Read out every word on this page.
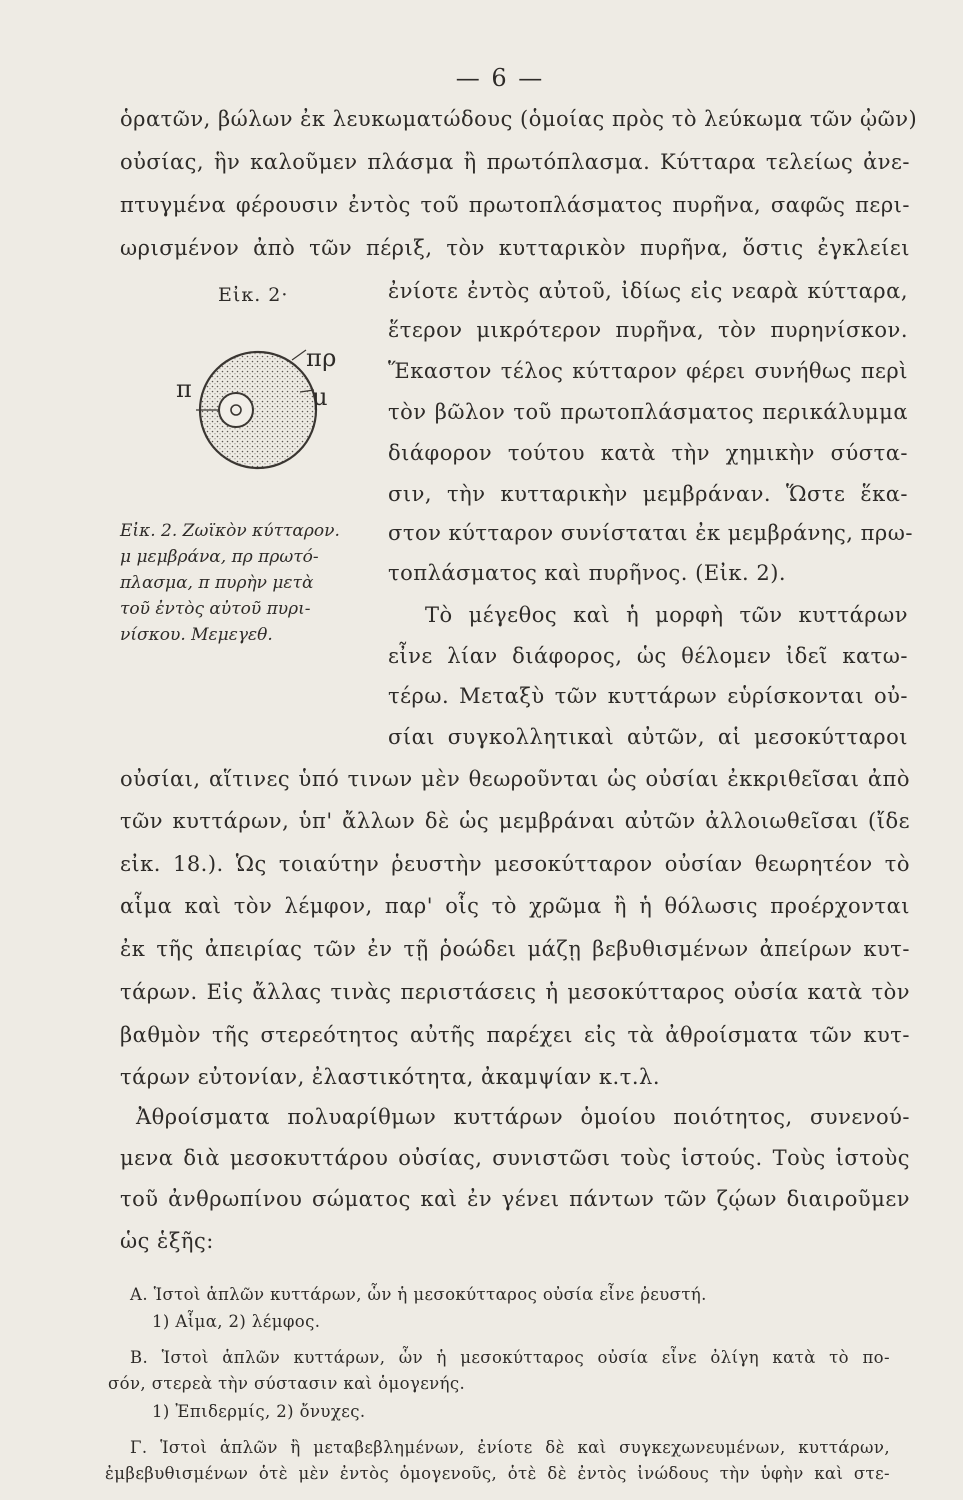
— 6 —
ὁρατῶν, βώλων ἐκ λευκωματώδους (ὁμοίας πρὸς τὸ λεύκωμα τῶν ᾠῶν)
οὐσίας, ἣν καλοῦμεν πλάσμα ἢ πρωτόπλασμα. Κύτταρα τελείως ἀνε-
πτυγμένα φέρουσιν ἐντὸς τοῦ πρωτοπλάσματος πυρῆνα, σαφῶς περι-
ωρισμένον ἀπὸ τῶν πέριξ, τὸν κυτταρικὸν πυρῆνα, ὅστις ἐγκλείει
Εἰκ. 2·
π
πρ
μ
Εἰκ. 2. Ζωϊκὸν κύτταρον.
μ μεμβράνα, πρ πρωτό-
πλασμα, π πυρὴν μετὰ
τοῦ ἐντὸς αὐτοῦ πυρι-
νίσκου. Μεμεγεθ.
ἐνίοτε ἐντὸς αὐτοῦ, ἰδίως εἰς νεαρὰ κύτταρα,
ἕτερον μικρότερον πυρῆνα, τὸν πυρηνίσκον.
Ἕκαστον τέλος κύτταρον φέρει συνήθως περὶ
τὸν βῶλον τοῦ πρωτοπλάσματος περικάλυμμα
διάφορον τούτου κατὰ τὴν χημικὴν σύστα-
σιν, τὴν κυτταρικὴν μεμβράναν. Ὥστε ἕκα-
στον κύτταρον συνίσταται ἐκ μεμβράνης, πρω-
τοπλάσματος καὶ πυρῆνος. (Εἰκ. 2).
Τὸ μέγεθος καὶ ἡ μορφὴ τῶν κυττάρων
εἶνε λίαν διάφορος, ὡς θέλομεν ἰδεῖ κατω-
τέρω. Μεταξὺ τῶν κυττάρων εὑρίσκονται οὐ-
σίαι συγκολλητικαὶ αὐτῶν, αἱ μεσοκύτταροι
οὐσίαι, αἵτινες ὑπό τινων μὲν θεωροῦνται ὡς οὐσίαι ἐκκριθεῖσαι ἀπὸ
τῶν κυττάρων, ὑπ' ἄλλων δὲ ὡς μεμβράναι αὐτῶν ἀλλοιωθεῖσαι (ἴδε
εἰκ. 18.). Ὡς τοιαύτην ῥευστὴν μεσοκύτταρον οὐσίαν θεωρητέον τὸ
αἷμα καὶ τὸν λέμφον, παρ' οἷς τὸ χρῶμα ἢ ἡ θόλωσις προέρχονται
ἐκ τῆς ἀπειρίας τῶν ἐν τῇ ῥοώδει μάζῃ βεβυθισμένων ἀπείρων κυτ-
τάρων. Εἰς ἄλλας τινὰς περιστάσεις ἡ μεσοκύτταρος οὐσία κατὰ τὸν
βαθμὸν τῆς στερεότητος αὐτῆς παρέχει εἰς τὰ ἀθροίσματα τῶν κυτ-
τάρων εὐτονίαν, ἐλαστικότητα, ἀκαμψίαν κ.τ.λ.
Ἀθροίσματα πολυαρίθμων κυττάρων ὁμοίου ποιότητος, συνενού-
μενα διὰ μεσοκυττάρου οὐσίας, συνιστῶσι τοὺς ἱστούς. Τοὺς ἱστοὺς
τοῦ ἀνθρωπίνου σώματος καὶ ἐν γένει πάντων τῶν ζῴων διαιροῦμεν
ὡς ἑξῆς:
Α. Ἱστοὶ ἁπλῶν κυττάρων, ὧν ἡ μεσοκύτταρος οὐσία εἶνε ῥευστή.
1) Αἷμα, 2) λέμφος.
Β. Ἱστοὶ ἁπλῶν κυττάρων, ὧν ἡ μεσοκύτταρος οὐσία εἶνε ὀλίγη κατὰ τὸ πο-
σόν, στερεὰ τὴν σύστασιν καὶ ὁμογενής.
1) Ἐπιδερμίς, 2) ὄνυχες.
Γ. Ἱστοὶ ἁπλῶν ἢ μεταβεβλημένων, ἐνίοτε δὲ καὶ συγκεχωνευμένων, κυττάρων,
ἐμβεβυθισμένων ὁτὲ μὲν ἐντὸς ὁμογενοῦς, ὁτὲ δὲ ἐντὸς ἰνώδους τὴν ὑφὴν καὶ στε-
